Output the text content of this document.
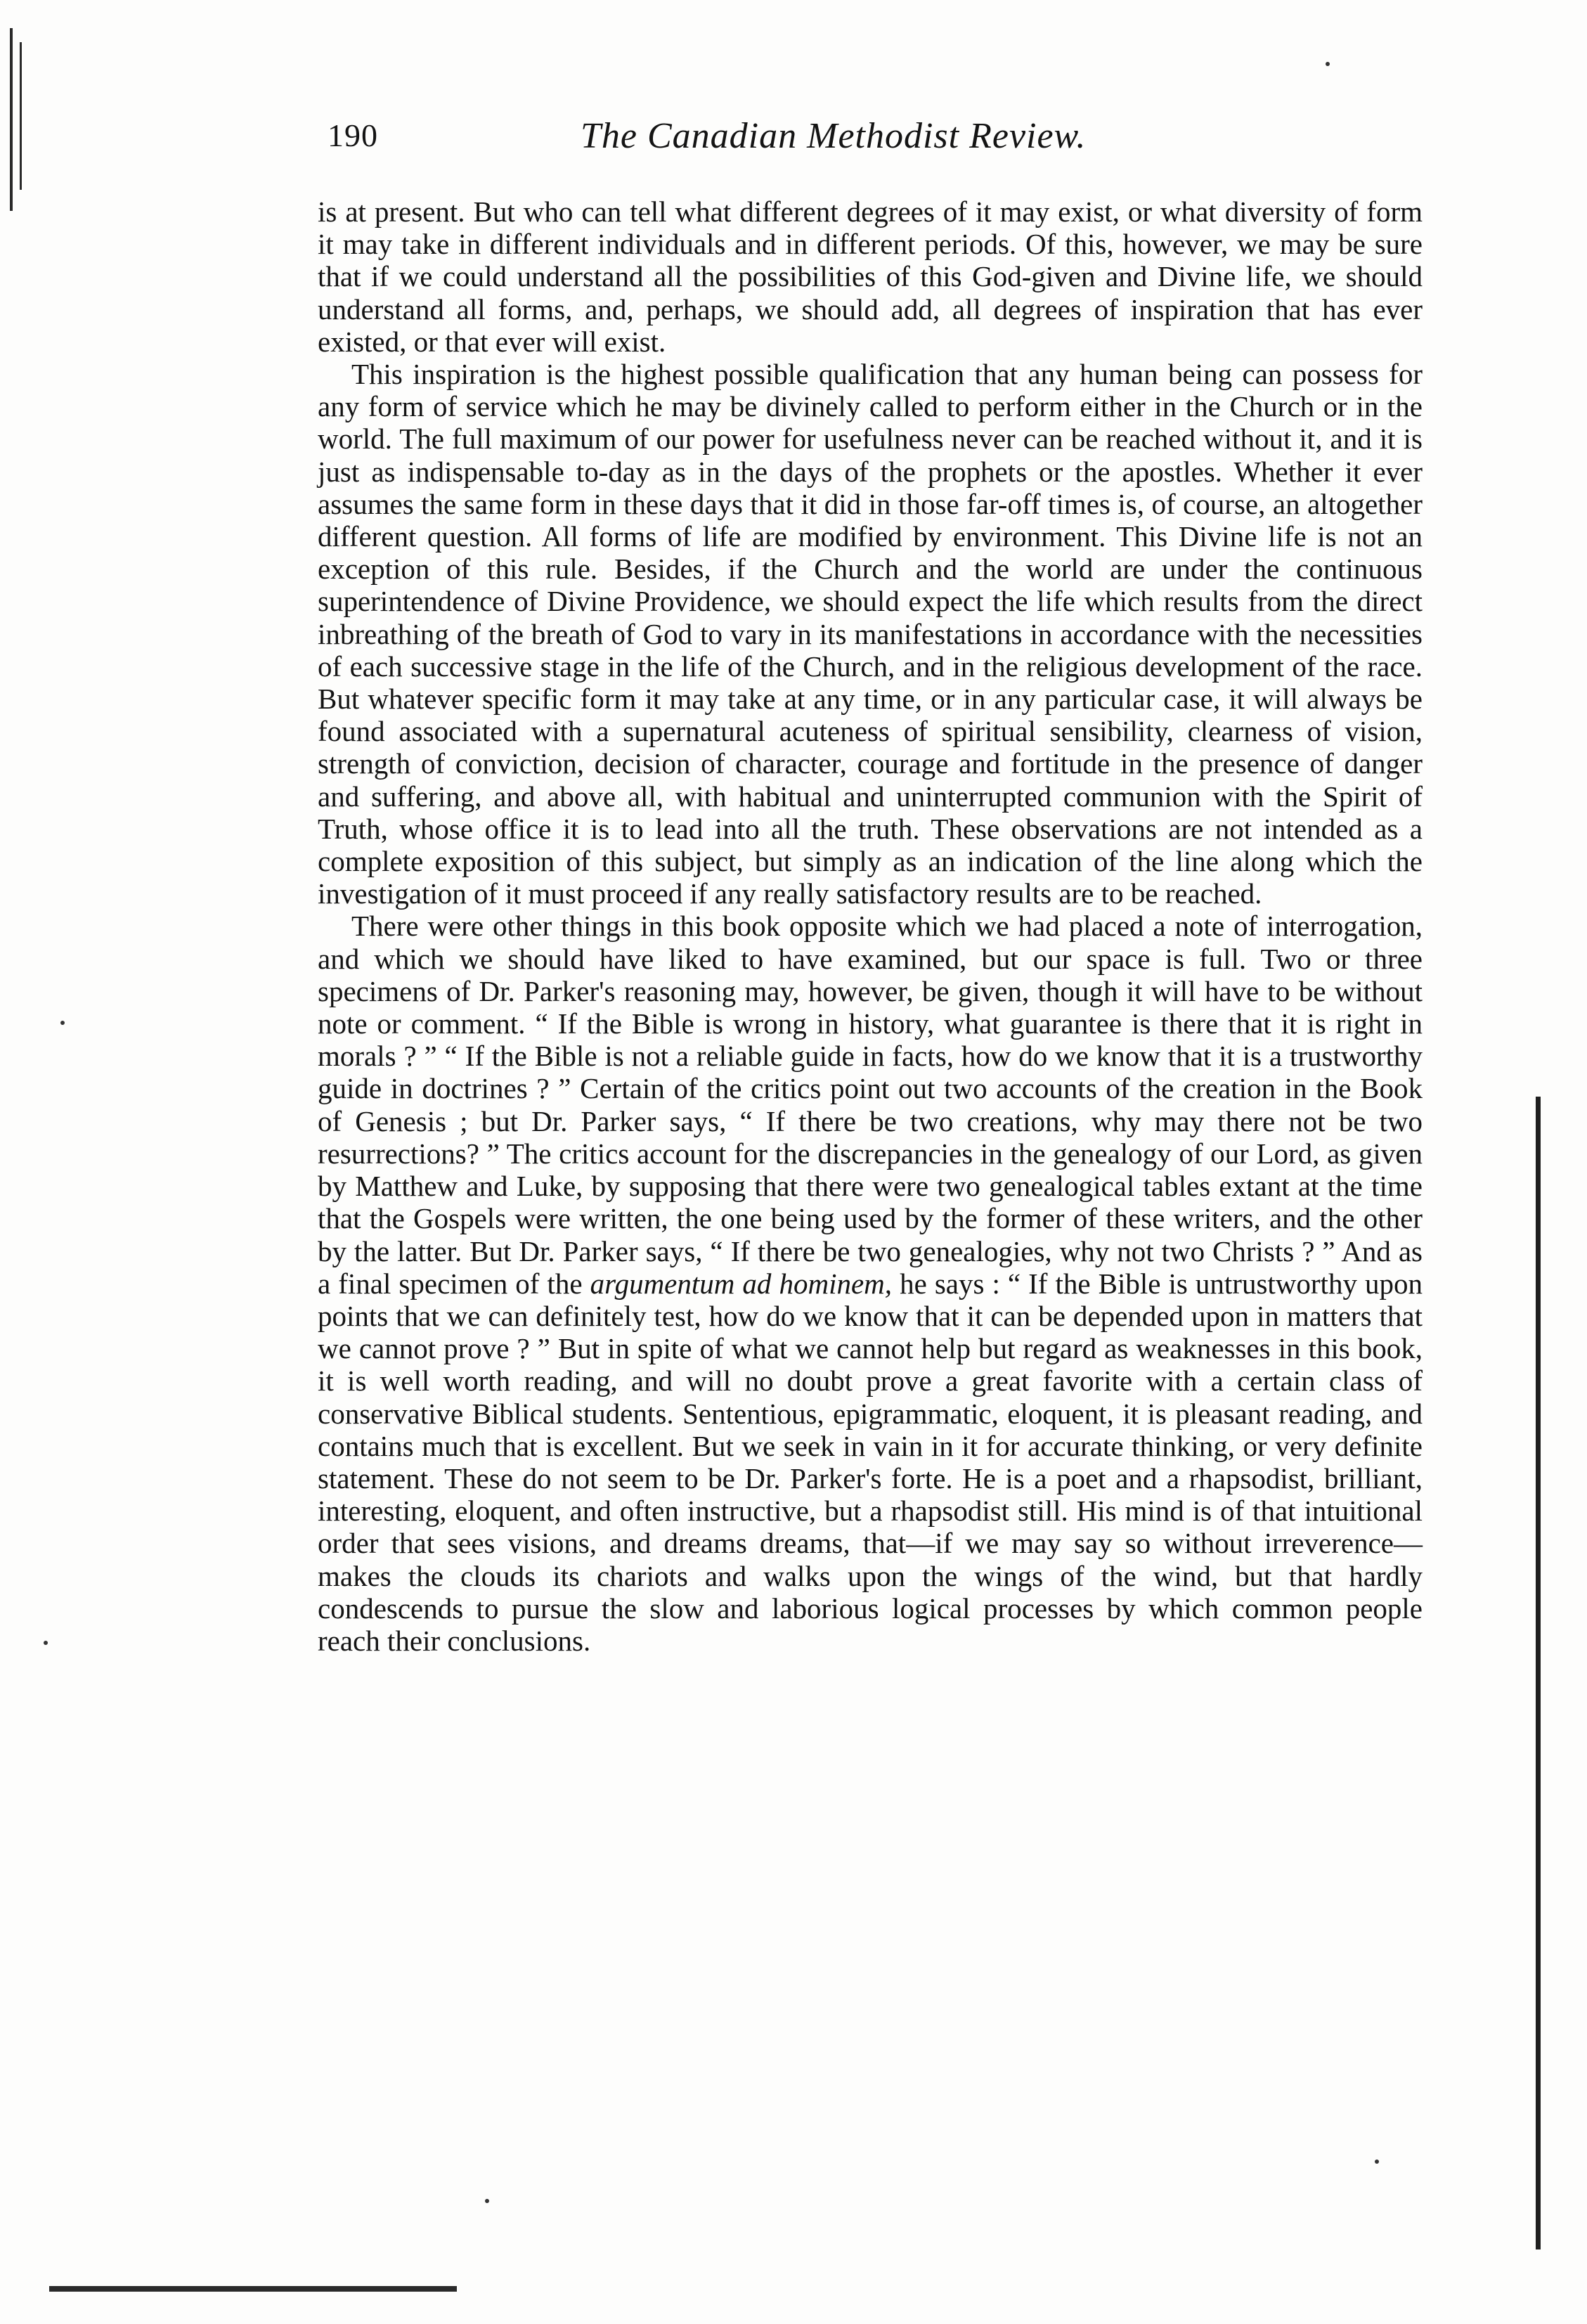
190	The Canadian Methodist Review.

is at present. But who can tell what different degrees of it may exist, or what diversity of form it may take in different individuals and in different periods. Of this, however, we may be sure that if we could understand all the possibilities of this God-given and Divine life, we should understand all forms, and, perhaps, we should add, all degrees of inspiration that has ever existed, or that ever will exist.

This inspiration is the highest possible qualification that any human being can possess for any form of service which he may be divinely called to perform either in the Church or in the world. The full maximum of our power for usefulness never can be reached without it, and it is just as indispensable to-day as in the days of the prophets or the apostles. Whether it ever assumes the same form in these days that it did in those far-off times is, of course, an altogether different question. All forms of life are modified by environment. This Divine life is not an exception of this rule. Besides, if the Church and the world are under the continuous superintendence of Divine Providence, we should expect the life which results from the direct inbreathing of the breath of God to vary in its manifestations in accordance with the necessities of each successive stage in the life of the Church, and in the religious development of the race. But whatever specific form it may take at any time, or in any particular case, it will always be found associated with a supernatural acuteness of spiritual sensibility, clearness of vision, strength of conviction, decision of character, courage and fortitude in the presence of danger and suffering, and above all, with habitual and uninterrupted communion with the Spirit of Truth, whose office it is to lead into all the truth. These observations are not intended as a complete exposition of this subject, but simply as an indication of the line along which the investigation of it must proceed if any really satisfactory results are to be reached.

There were other things in this book opposite which we had placed a note of interrogation, and which we should have liked to have examined, but our space is full. Two or three specimens of Dr. Parker's reasoning may, however, be given, though it will have to be without note or comment. “ If the Bible is wrong in history, what guarantee is there that it is right in morals ? ” “ If the Bible is not a reliable guide in facts, how do we know that it is a trustworthy guide in doctrines ? ” Certain of the critics point out two accounts of the creation in the Book of Genesis ; but Dr. Parker says, “ If there be two creations, why may there not be two resurrections? ” The critics account for the discrepancies in the genealogy of our Lord, as given by Matthew and Luke, by supposing that there were two genealogical tables extant at the time that the Gospels were written, the one being used by the former of these writers, and the other by the latter. But Dr. Parker says, “ If there be two genealogies, why not two Christs ? ” And as a final specimen of the argumentum ad hominem, he says : “ If the Bible is untrustworthy upon points that we can definitely test, how do we know that it can be depended upon in matters that we cannot prove ? ” But in spite of what we cannot help but regard as weaknesses in this book, it is well worth reading, and will no doubt prove a great favorite with a certain class of conservative Biblical students. Sententious, epigrammatic, eloquent, it is pleasant reading, and contains much that is excellent. But we seek in vain in it for accurate thinking, or very definite statement. These do not seem to be Dr. Parker's forte. He is a poet and a rhapsodist, brilliant, interesting, eloquent, and often instructive, but a rhapsodist still. His mind is of that intuitional order that sees visions, and dreams dreams, that—if we may say so without irreverence—makes the clouds its chariots and walks upon the wings of the wind, but that hardly condescends to pursue the slow and laborious logical processes by which common people reach their conclusions.
